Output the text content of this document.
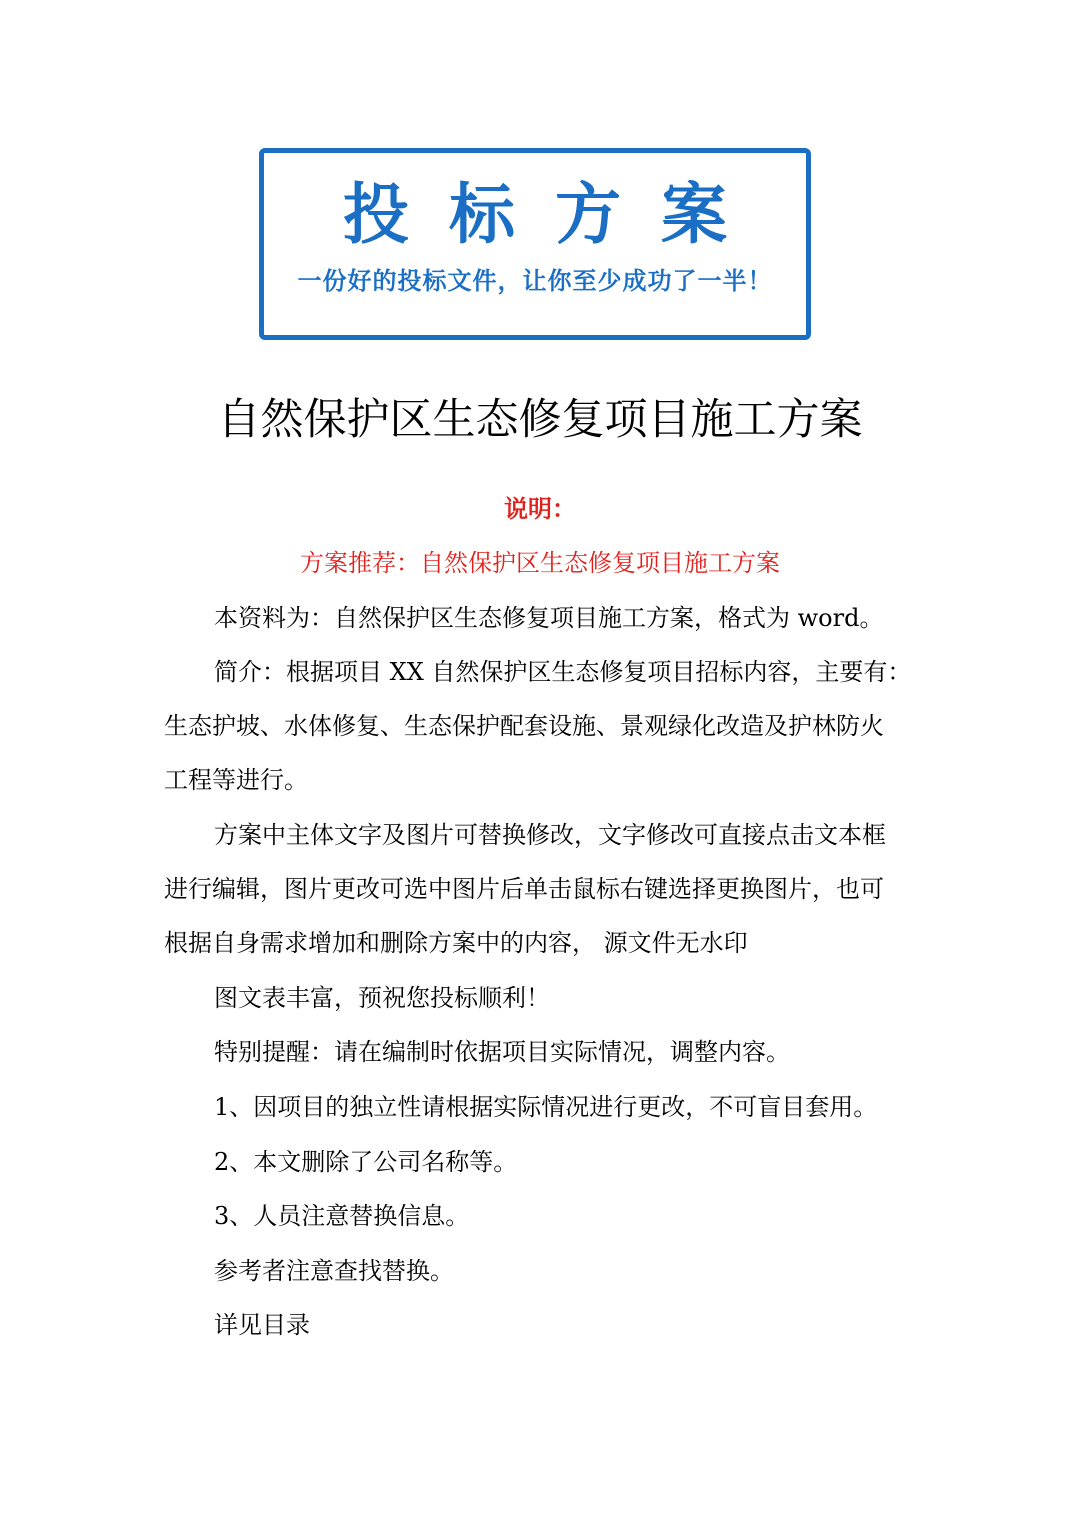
投标方案
一份好的投标文件，让你至少成功了一半！
自然保护区生态修复项目施工方案
说明：
方案推荐：自然保护区生态修复项目施工方案
本资料为：自然保护区生态修复项目施工方案，格式为 word。
简介：根据项目 XX 自然保护区生态修复项目招标内容，主要有：
生态护坡、水体修复、生态保护配套设施、景观绿化改造及护林防火
工程等进行。
方案中主体文字及图片可替换修改，文字修改可直接点击文本框
进行编辑，图片更改可选中图片后单击鼠标右键选择更换图片，也可
根据自身需求增加和删除方案中的内容， 源文件无水印
图文表丰富，预祝您投标顺利！
特别提醒：请在编制时依据项目实际情况，调整内容。
1、因项目的独立性请根据实际情况进行更改，不可盲目套用。
2、本文删除了公司名称等。
3、人员注意替换信息。
参考者注意查找替换。
详见目录
